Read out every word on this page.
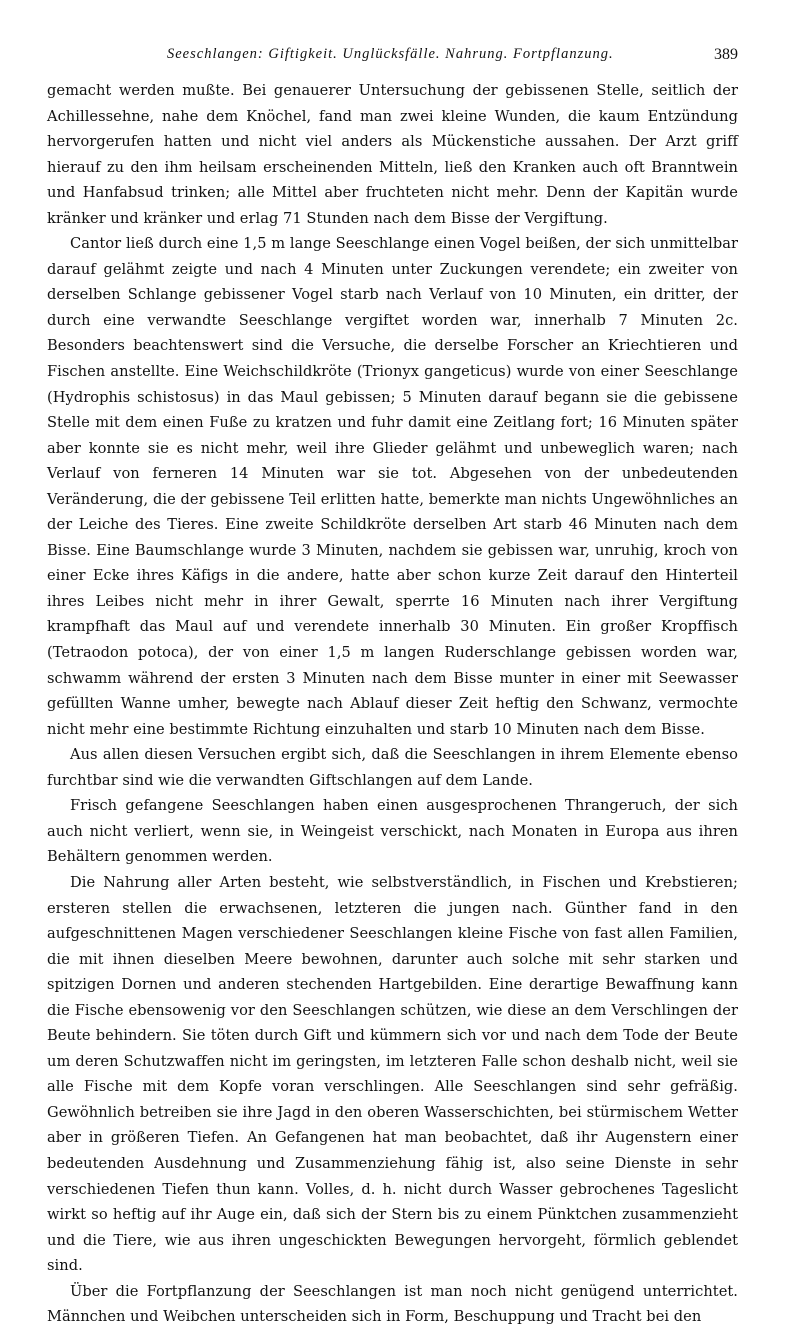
Seeschlangen: Giftigkeit. Unglücksfälle. Nahrung. Fortpflanzung.	389

gemacht werden mußte. Bei genauerer Untersuchung der gebissenen Stelle, seitlich der Achillessehne, nahe dem Knöchel, fand man zwei kleine Wunden, die kaum Entzündung hervorgerufen hatten und nicht viel anders als Mückenstiche aussahen. Der Arzt griff hierauf zu den ihm heilsam erscheinenden Mitteln, ließ den Kranken auch oft Branntwein und Hanfabsud trinken; alle Mittel aber fruchteten nicht mehr. Denn der Kapitän wurde kränker und kränker und erlag 71 Stunden nach dem Bisse der Vergiftung.

Cantor ließ durch eine 1,5 m lange Seeschlange einen Vogel beißen, der sich unmittelbar darauf gelähmt zeigte und nach 4 Minuten unter Zuckungen verendete; ein zweiter von derselben Schlange gebissener Vogel starb nach Verlauf von 10 Minuten, ein dritter, der durch eine verwandte Seeschlange vergiftet worden war, innerhalb 7 Minuten 2c. Besonders beachtenswert sind die Versuche, die derselbe Forscher an Kriechtieren und Fischen anstellte. Eine Weichschildkröte (Trionyx gangeticus) wurde von einer Seeschlange (Hydrophis schistosus) in das Maul gebissen; 5 Minuten darauf begann sie die gebissene Stelle mit dem einen Fuße zu kratzen und fuhr damit eine Zeitlang fort; 16 Minuten später aber konnte sie es nicht mehr, weil ihre Glieder gelähmt und unbeweglich waren; nach Verlauf von ferneren 14 Minuten war sie tot. Abgesehen von der unbedeutenden Veränderung, die der gebissene Teil erlitten hatte, bemerkte man nichts Ungewöhnliches an der Leiche des Tieres. Eine zweite Schildkröte derselben Art starb 46 Minuten nach dem Bisse. Eine Baumschlange wurde 3 Minuten, nachdem sie gebissen war, unruhig, kroch von einer Ecke ihres Käfigs in die andere, hatte aber schon kurze Zeit darauf den Hinterteil ihres Leibes nicht mehr in ihrer Gewalt, sperrte 16 Minuten nach ihrer Vergiftung krampfhaft das Maul auf und verendete innerhalb 30 Minuten. Ein großer Kropffisch (Tetraodon potoca), der von einer 1,5 m langen Ruderschlange gebissen worden war, schwamm während der ersten 3 Minuten nach dem Bisse munter in einer mit Seewasser gefüllten Wanne umher, bewegte nach Ablauf dieser Zeit heftig den Schwanz, vermochte nicht mehr eine bestimmte Richtung einzuhalten und starb 10 Minuten nach dem Bisse.

Aus allen diesen Versuchen ergibt sich, daß die Seeschlangen in ihrem Elemente ebenso furchtbar sind wie die verwandten Giftschlangen auf dem Lande.

Frisch gefangene Seeschlangen haben einen ausgesprochenen Thrangeruch, der sich auch nicht verliert, wenn sie, in Weingeist verschickt, nach Monaten in Europa aus ihren Behältern genommen werden.

Die Nahrung aller Arten besteht, wie selbstverständlich, in Fischen und Krebstieren; ersteren stellen die erwachsenen, letzteren die jungen nach. Günther fand in den aufgeschnittenen Magen verschiedener Seeschlangen kleine Fische von fast allen Familien, die mit ihnen dieselben Meere bewohnen, darunter auch solche mit sehr starken und spitzigen Dornen und anderen stechenden Hartgebilden. Eine derartige Bewaffnung kann die Fische ebensowenig vor den Seeschlangen schützen, wie diese an dem Verschlingen der Beute behindern. Sie töten durch Gift und kümmern sich vor und nach dem Tode der Beute um deren Schutzwaffen nicht im geringsten, im letzteren Falle schon deshalb nicht, weil sie alle Fische mit dem Kopfe voran verschlingen. Alle Seeschlangen sind sehr gefräßig. Gewöhnlich betreiben sie ihre Jagd in den oberen Wasserschichten, bei stürmischem Wetter aber in größeren Tiefen. An Gefangenen hat man beobachtet, daß ihr Augenstern einer bedeutenden Ausdehnung und Zusammenziehung fähig ist, also seine Dienste in sehr verschiedenen Tiefen thun kann. Volles, d. h. nicht durch Wasser gebrochenes Tageslicht wirkt so heftig auf ihr Auge ein, daß sich der Stern bis zu einem Pünktchen zusammenzieht und die Tiere, wie aus ihren ungeschickten Bewegungen hervorgeht, förmlich geblendet sind.

Über die Fortpflanzung der Seeschlangen ist man noch nicht genügend unterrichtet. Männchen und Weibchen unterscheiden sich in Form, Beschuppung und Tracht bei den
